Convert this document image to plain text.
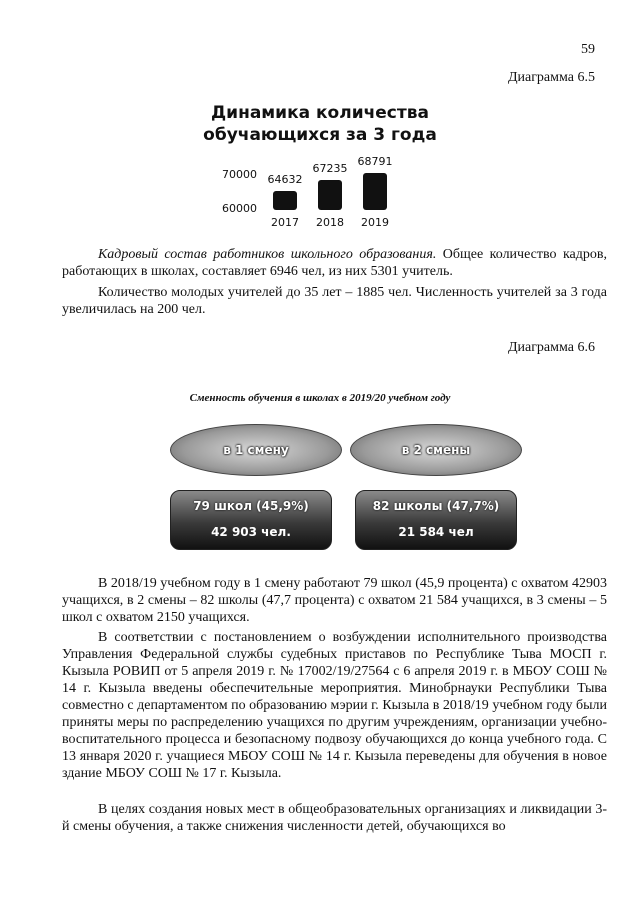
59
Диаграмма 6.5
Динамика количества
обучающихся за 3 года
70000
60000
64632
2017
67235
2018
68791
2019
Кадровый состав работников школьного образования. Общее количество кадров, работающих в школах, составляет 6946 чел, из них 5301 учитель.
Количество молодых учителей до 35 лет – 1885 чел. Численность учителей за 3 года увеличилась на 200 чел.
Диаграмма 6.6
Сменность обучения в школах в 2019/20 учебном году
в 1 смену	в 2 смены
79 школ (45,9%)
42 903 чел.
82 школы (47,7%)
21 584 чел
В 2018/19 учебном году в 1 смену работают 79 школ (45,9 процента) с охватом 42903 учащихся, в 2 смены – 82 школы (47,7 процента) с охватом 21 584 учащихся, в 3 смены – 5 школ с охватом 2150 учащихся.
В соответствии с постановлением о возбуждении исполнительного производства Управления Федеральной службы судебных приставов по Республике Тыва МОСП г. Кызыла РОВИП от 5 апреля 2019 г. № 17002/19/27564 с 6 апреля 2019 г. в МБОУ СОШ № 14 г. Кызыла введены обеспечительные мероприятия. Минобрнауки Республики Тыва совместно с департаментом по образованию мэрии г. Кызыла в 2018/19 учебном году были приняты меры по распределению учащихся по другим учреждениям, организации учебно-воспитательного процесса и безопасному подвозу обучающихся до конца учебного года. С 13 января 2020 г. учащиеся МБОУ СОШ № 14 г. Кызыла переведены для обучения в новое здание МБОУ СОШ № 17 г. Кызыла.
В целях создания новых мест в общеобразовательных организациях и ликвидации 3-й смены обучения, а также снижения численности детей, обучающихся во
